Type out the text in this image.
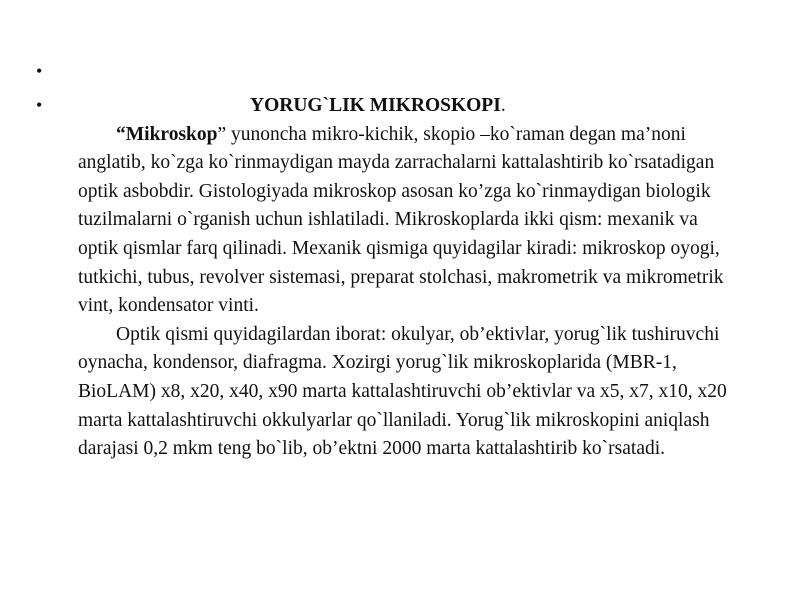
•
•	YORUG`LIK MIKROSKOPI.

“Mikroskop” yunoncha mikro-kichik, skopio –ko`raman degan ma’noni anglatib, ko`zga ko`rinmaydigan mayda zarrachalarni kattalashtirib ko`rsatadigan optik asbobdir. Gistologiyada mikroskop asosan ko’zga ko`rinmaydigan biologik tuzilmalarni o`rganish uchun ishlatiladi. Mikroskoplarda ikki qism: mexanik va optik qismlar farq qilinadi. Mexanik qismiga quyidagilar kiradi: mikroskop oyogi, tutkichi, tubus, revolver sistemasi, preparat stolchasi, makrometrik va mikrometrik vint, kondensator vinti.

Optik qismi quyidagilardan iborat: okulyar, ob’ektivlar, yorug`lik tushiruvchi oynacha, kondensor, diafragma. Xozirgi yorug`lik mikroskoplarida (MBR-1, BioLAM) x8, x20, x40, x90 marta kattalashtiruvchi ob’ektivlar va x5, x7, x10, x20 marta kattalashtiruvchi okkulyarlar qo`llaniladi. Yorug`lik mikroskopini aniqlash darajasi 0,2 mkm teng bo`lib, ob’ektni 2000 marta kattalashtirib ko`rsatadi.
